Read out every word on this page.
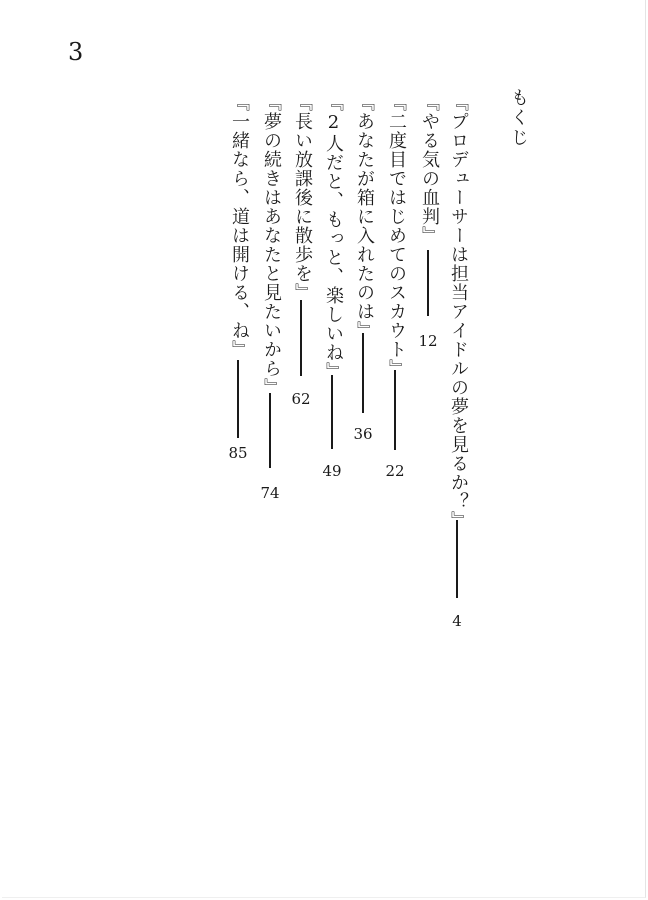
3
もくじ
『プロデューサーは担当アイドルの夢を見るか？』
4
『やる気の血判』
12
『二度目ではじめてのスカウト』
22
『あなたが箱に入れたのは』
36
『2人だと、もっと、楽しいね』
49
『長い放課後に散歩を』
62
『夢の続きはあなたと見たいから』
74
『一緒なら、道は開ける、ね』
85
